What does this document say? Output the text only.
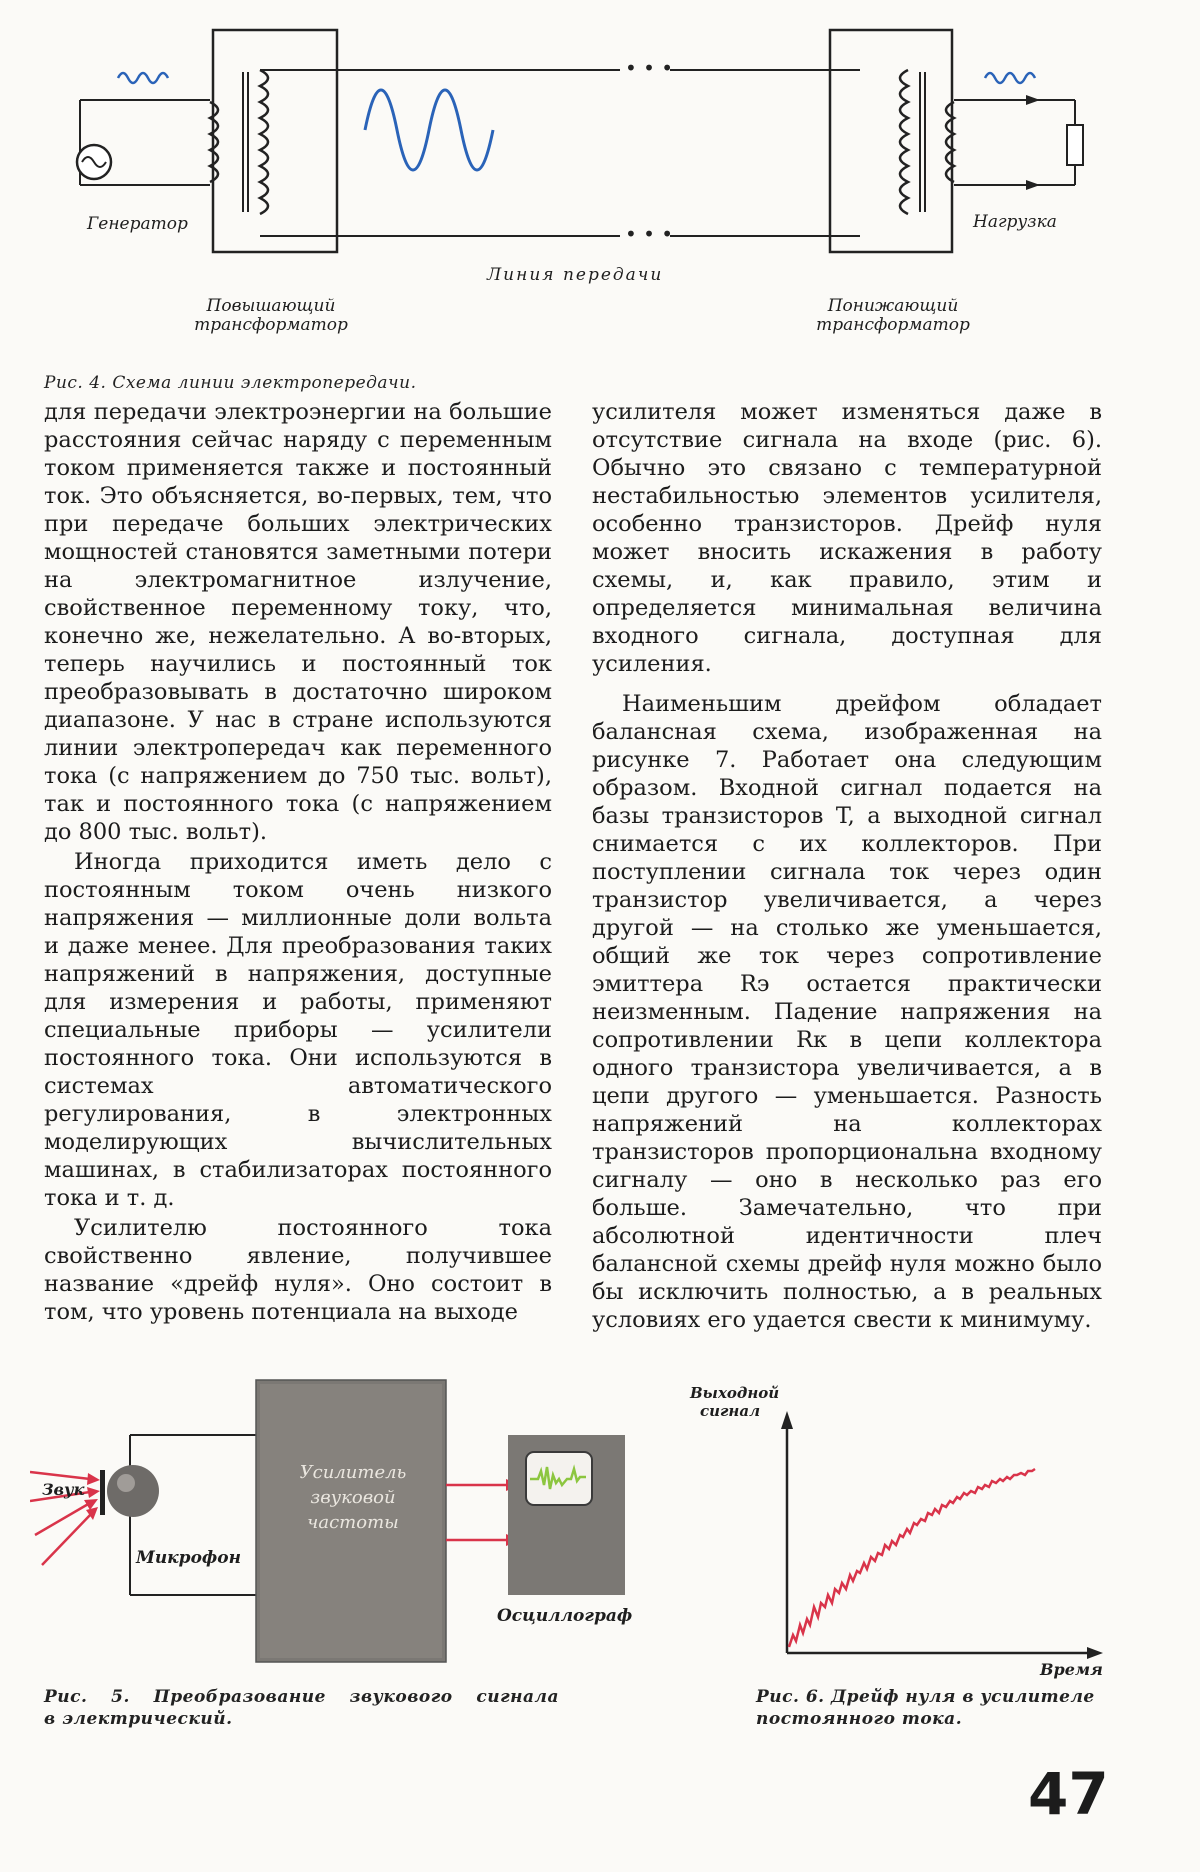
• • •
• • •
Генератор	Нагрузка
Линия передачи
Повышающий трансформатор
Понижающий трансформатор
Рис. 4. Схема линии электропередачи.

для передачи электроэнергии на большие расстояния сейчас наряду с переменным током применяется также и постоянный ток. Это объясняется, во-первых, тем, что при передаче больших электрических мощностей становятся заметными потери на электромагнитное излучение, свойственное переменному току, что, конечно же, нежелательно. А во-вторых, теперь научились и постоянный ток преобразовывать в достаточно широком диапазоне. У нас в стране используются линии электропередач как переменного тока (с напряжением до 750 тыс. вольт), так и постоянного тока (с напряжением до 800 тыс. вольт).

Иногда приходится иметь дело с постоянным током очень низкого напряжения — миллионные доли вольта и даже менее. Для преобразования таких напряжений в напряжения, доступные для измерения и работы, применяют специальные приборы — усилители постоянного тока. Они используются в системах автоматического регулирования, в электронных моделирующих вычислительных машинах, в стабилизаторах постоянного тока и т. д.

Усилителю постоянного тока свойственно явление, получившее название «дрейф нуля». Оно состоит в том, что уровень потенциала на выходе

усилителя может изменяться даже в отсутствие сигнала на входе (рис. 6). Обычно это связано с температурной нестабильностью элементов усилителя, особенно транзисторов. Дрейф нуля может вносить искажения в работу схемы, и, как правило, этим и определяется минимальная величина входного сигнала, доступная для усиления.

Наименьшим дрейфом обладает балансная схема, изображенная на рисунке 7. Работает она следующим образом. Входной сигнал подается на базы транзисторов T, а выходной сигнал снимается с их коллекторов. При поступлении сигнала ток через один транзистор увеличивается, а через другой — на столько же уменьшается, общий же ток через сопротивление эмиттера Rэ остается практически неизменным. Падение напряжения на сопротивлении Rк в цепи коллектора одного транзистора увеличивается, а в цепи другого — уменьшается. Разность напряжений на коллекторах транзисторов пропорциональна входному сигналу — оно в несколько раз его больше. Замечательно, что при абсолютной идентичности плеч балансной схемы дрейф нуля можно было бы исключить полностью, а в реальных условиях его удается свести к минимуму.

Звук
Микрофон
Усилитель
звуковой
частоты
Осциллограф
Рис. 5. Преобразование звукового сигнала
в электрический.
Выходной
сигнал
Время
Рис. 6. Дрейф нуля в усилителе
постоянного тока.
47
